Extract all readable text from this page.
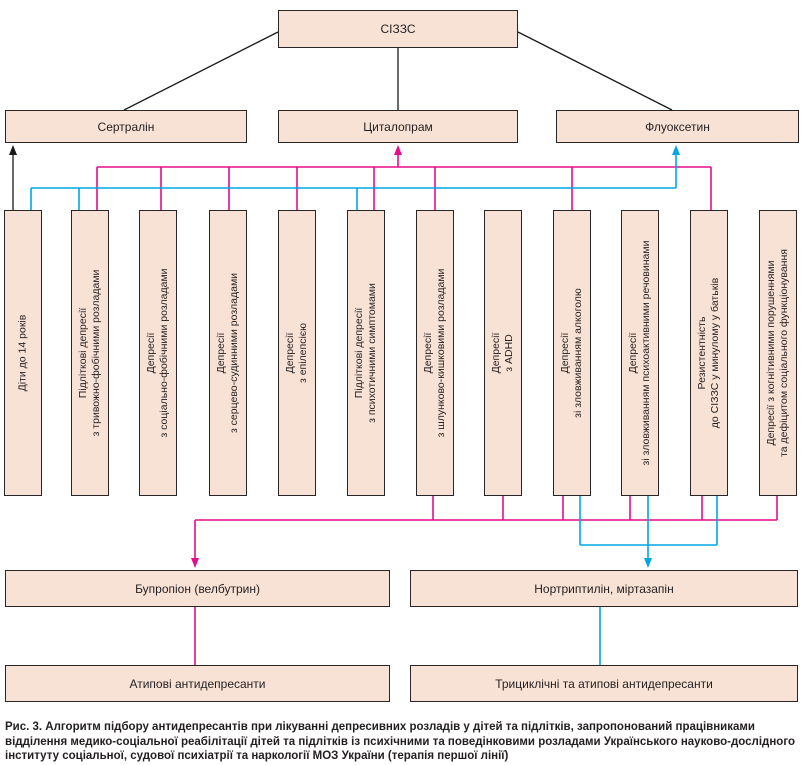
СІЗЗС
Сертралін	Циталопрам	Флуоксетин
Діти до 14 років	Підліткові депресії з тривожно-фобічними розладами	Депресії з соціально-фобічними розладами	Депресії з серцево-судинними розладами	Депресії з епілепсією	Підліткові депресії з психотичними симптомами	Депресії з шлунково-кишковими розладами	Депресії з ADHD	Депресії зі зловживанням алкоголю	Депресії зі зловживанням психоактивними речовинами	Резистентність до СІЗЗС у минулому у батьків	Депресії з когнітивними порушеннями та дефіцитом соціального функціонування
Бупропіон (велбутрин)	Нортриптилін, міртазапін
Атипові антидепресанти	Трициклічні та атипові антидепресанти
Рис. 3. Алгоритм підбору антидепресантів при лікуванні депресивних розладів у дітей та підлітків, запропонований працівниками відділення медико-соціальної реабілітації дітей та підлітків із психічними та поведінковими розладами Українського науково-дослідного інституту соціальної, судової психіатрії та наркології МОЗ України (терапія першої лінії)
